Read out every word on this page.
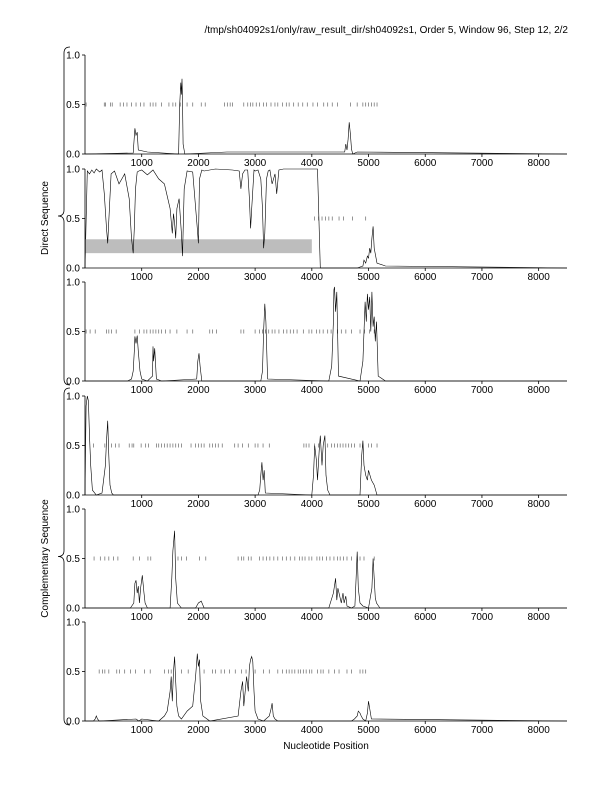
/tmp/sh04092s1/only/raw_result_dir/sh04092s1, Order 5, Window 96, Step 12, 2/2
0.0
0.5
1.0
1000	2000	3000	4000	5000	6000	7000	8000
0.0
0.5
1.0
1000	2000	3000	4000	5000	6000	7000	8000
0.0
0.5
1.0
1000	2000	3000	4000	5000	6000	7000	8000
0.0
0.5
1.0
1000	2000	3000	4000	5000	6000	7000	8000
0.0
0.5
1.0
1000	2000	3000	4000	5000	6000	7000	8000
0.0
0.5
1.0
1000	2000	3000	4000	5000	6000	7000	8000
Direct Sequence
Complementary Sequence
Nucleotide Position
